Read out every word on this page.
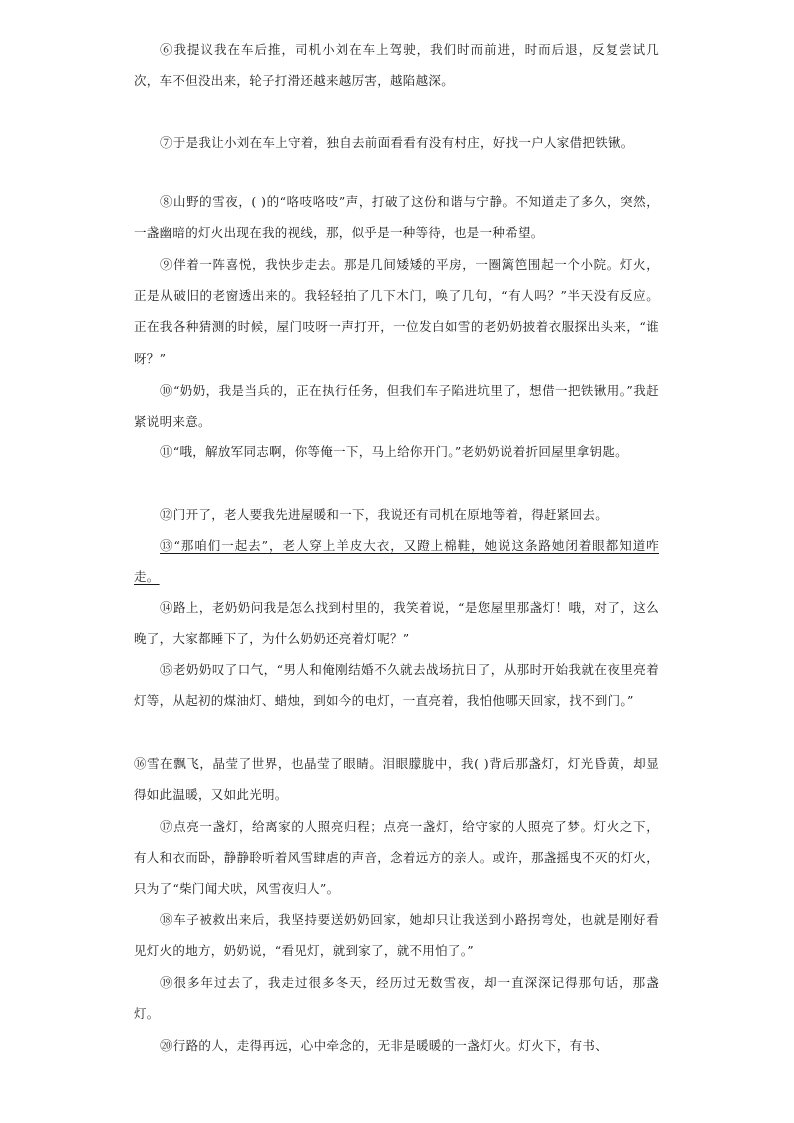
⑥我提议我在车后推，司机小刘在车上驾驶，我们时而前进，时而后退，反复尝试几次，车不但没出来，轮子打滑还越来越厉害，越陷越深。

⑦于是我让小刘在车上守着，独自去前面看看有没有村庄，好找一户人家借把铁锹。

⑧山野的雪夜，( )的“咯吱咯吱”声，打破了这份和谐与宁静。不知道走了多久，突然，一盏幽暗的灯火出现在我的视线，那，似乎是一种等待，也是一种希望。

⑨伴着一阵喜悦，我快步走去。那是几间矮矮的平房，一圈篱笆围起一个小院。灯火，正是从破旧的老窗透出来的。我轻轻拍了几下木门，唤了几句，“有人吗？”半天没有反应。正在我各种猜测的时候，屋门吱呀一声打开，一位发白如雪的老奶奶披着衣服探出头来，“谁呀？”

⑩“奶奶，我是当兵的，正在执行任务，但我们车子陷进坑里了，想借一把铁锹用。”我赶紧说明来意。

⑪“哦，解放军同志啊，你等俺一下，马上给你开门。”老奶奶说着折回屋里拿钥匙。

⑫门开了，老人要我先进屋暖和一下，我说还有司机在原地等着，得赶紧回去。

⑬“那咱们一起去”，老人穿上羊皮大衣，又蹬上棉鞋，她说这条路她闭着眼都知道咋走。

⑭路上，老奶奶问我是怎么找到村里的，我笑着说，“是您屋里那盏灯！哦，对了，这么晚了，大家都睡下了，为什么奶奶还亮着灯呢？”

⑮老奶奶叹了口气，“男人和俺刚结婚不久就去战场抗日了，从那时开始我就在夜里亮着灯等，从起初的煤油灯、蜡烛，到如今的电灯，一直亮着，我怕他哪天回家，找不到门。”

⑯雪在飘飞，晶莹了世界，也晶莹了眼睛。泪眼朦胧中，我( )背后那盏灯，灯光昏黄，却显得如此温暖，又如此光明。

⑰点亮一盏灯，给离家的人照亮归程；点亮一盏灯，给守家的人照亮了梦。灯火之下，有人和衣而卧，静静聆听着风雪肆虐的声音，念着远方的亲人。或许，那盏摇曳不灭的灯火，只为了“柴门闻犬吠，风雪夜归人”。

⑱车子被救出来后，我坚持要送奶奶回家，她却只让我送到小路拐弯处，也就是刚好看见灯火的地方，奶奶说，“看见灯，就到家了，就不用怕了。”

⑲很多年过去了，我走过很多冬天，经历过无数雪夜，却一直深深记得那句话，那盏灯。

⑳行路的人，走得再远，心中牵念的，无非是暖暖的一盏灯火。灯火下，有书、
